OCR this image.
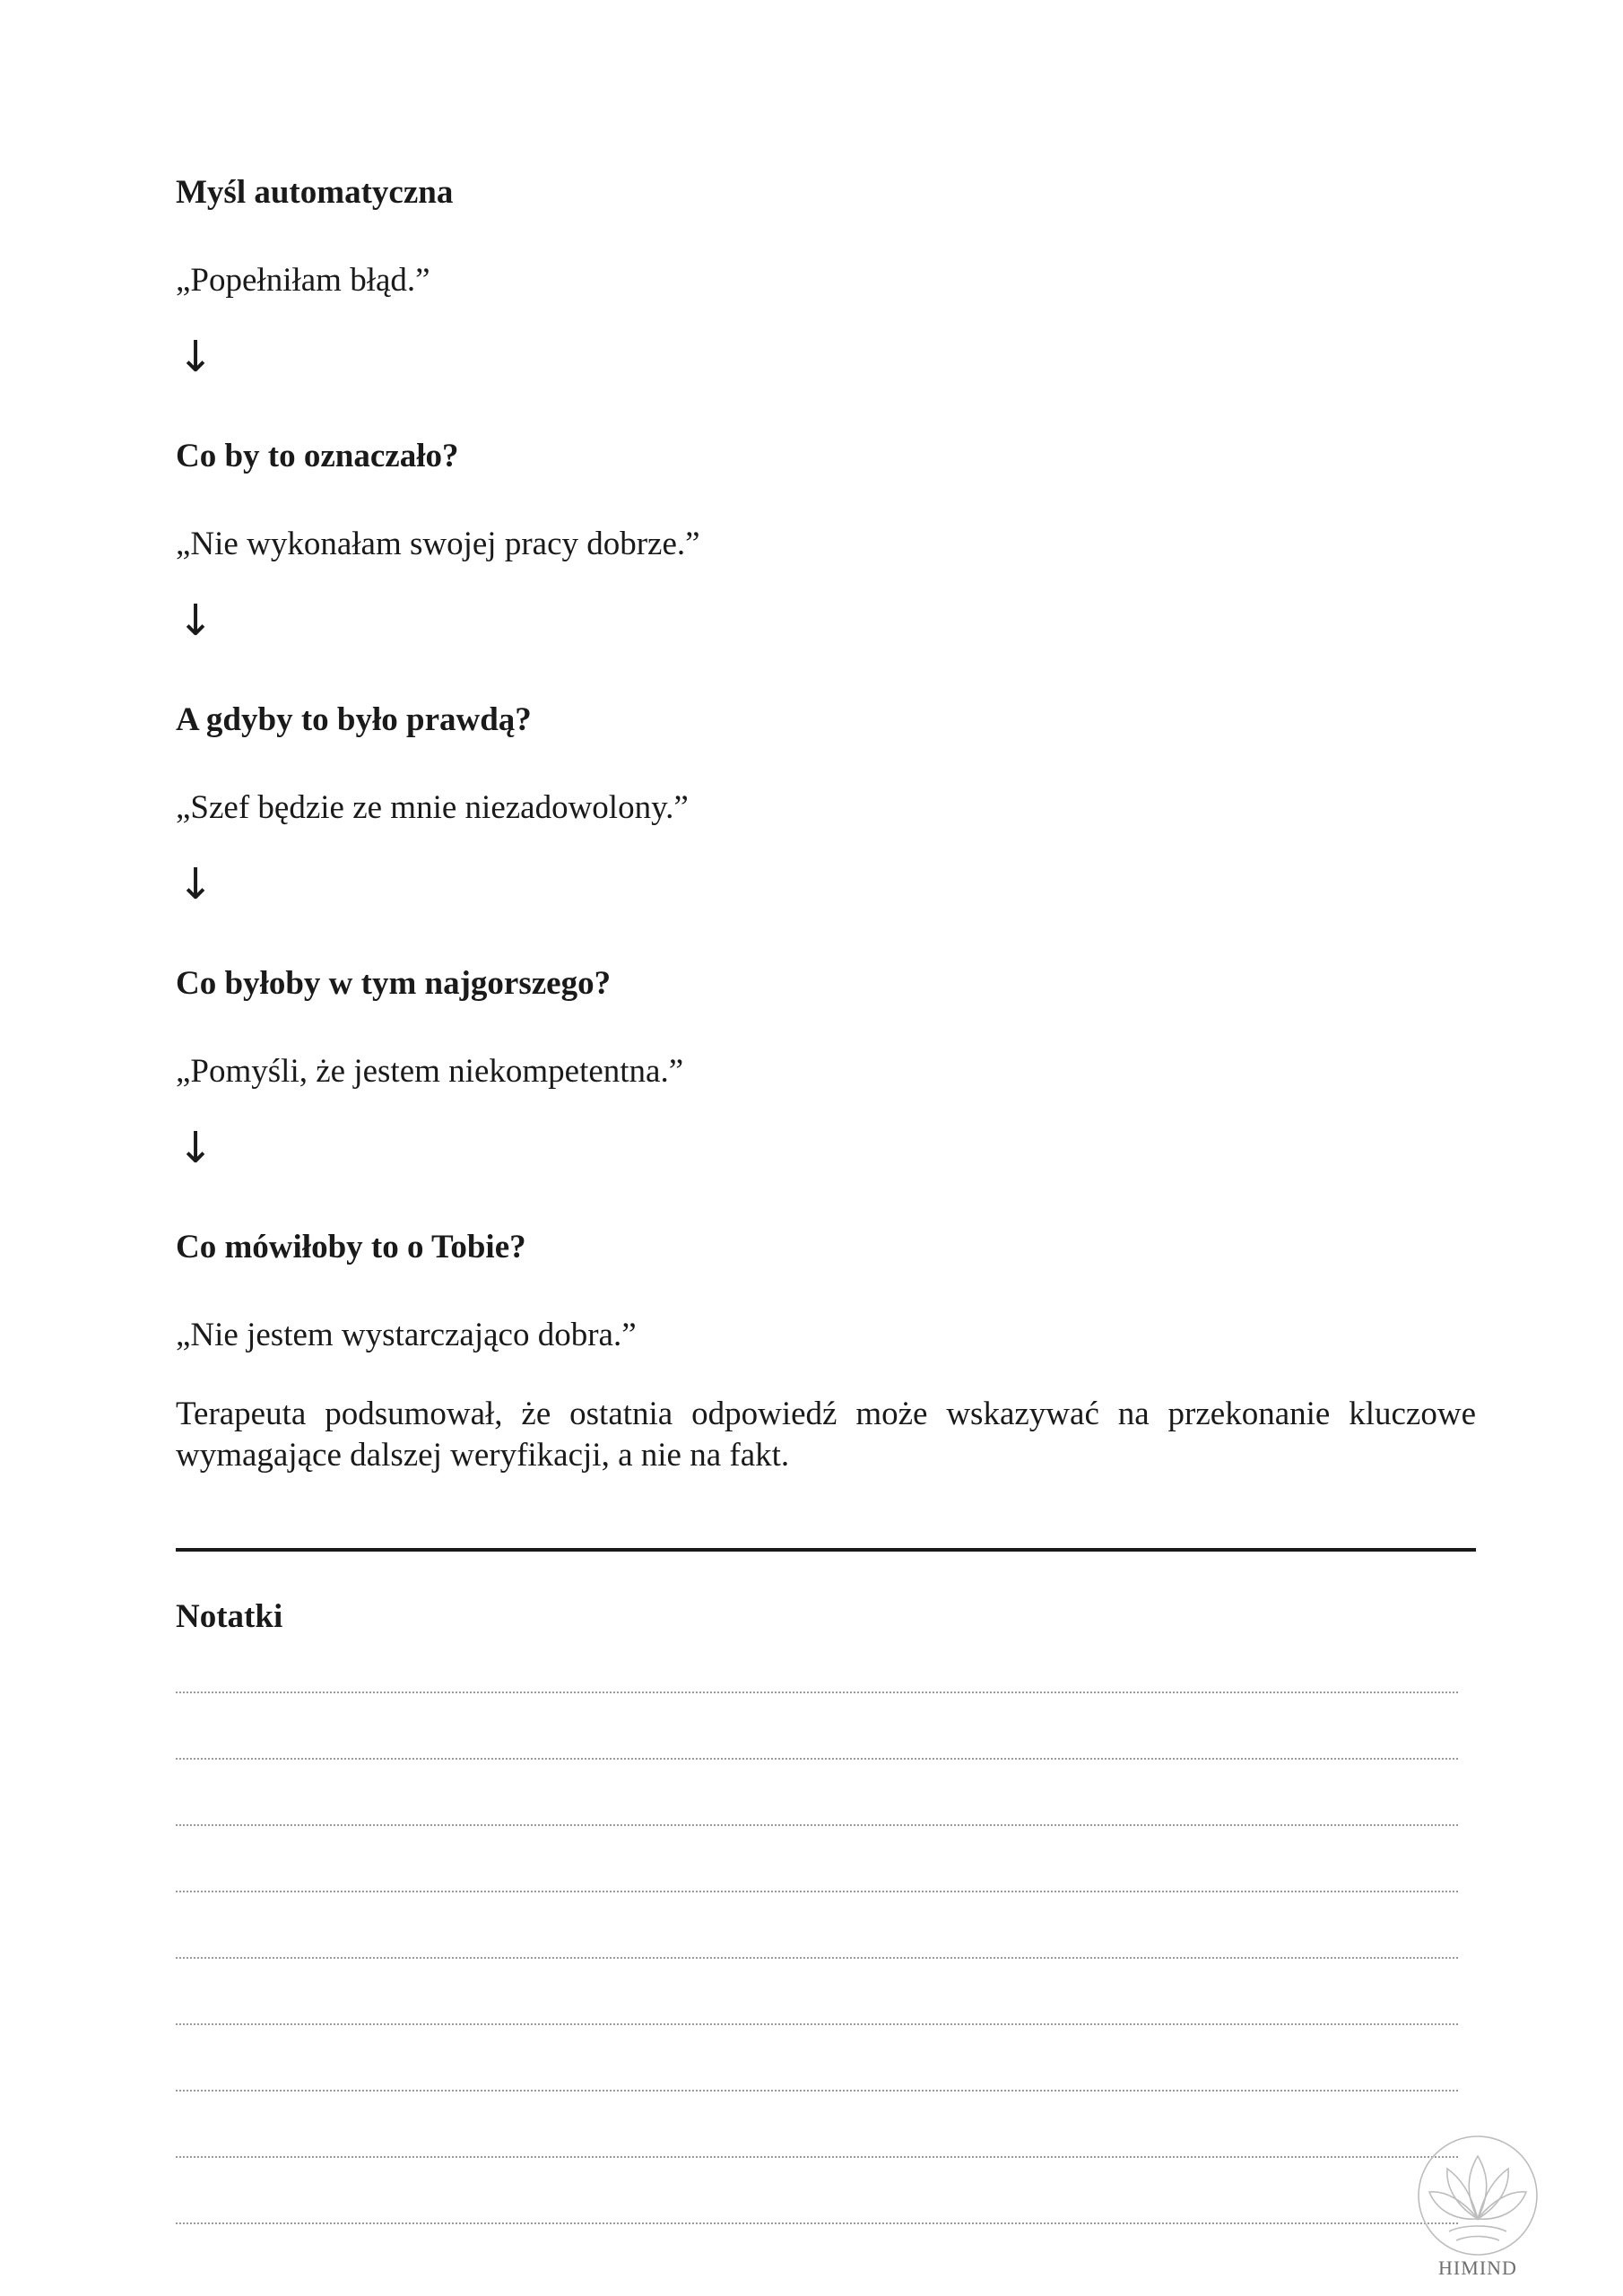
Myśl automatyczna

„Popełniłam błąd.”

↓

Co by to oznaczało?

„Nie wykonałam swojej pracy dobrze.”

↓

A gdyby to było prawdą?

„Szef będzie ze mnie niezadowolony.”

↓

Co byłoby w tym najgorszego?

„Pomyśli, że jestem niekompetentna.”

↓

Co mówiłoby to o Tobie?

„Nie jestem wystarczająco dobra.”

Terapeuta podsumował, że ostatnia odpowiedź może wskazywać na przekonanie kluczowe wymagające dalszej weryfikacji, a nie na fakt.

Notatki

HIMIND
